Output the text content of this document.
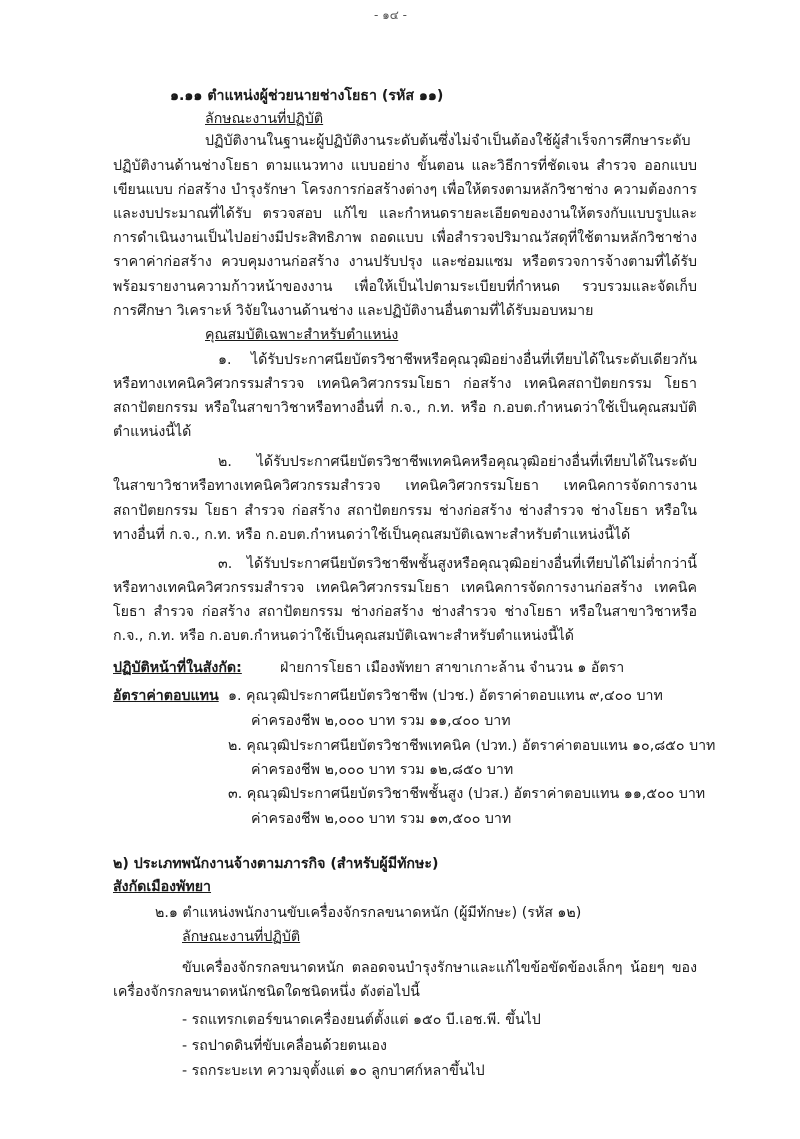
- ๑๔ -
๑.๑๑ ตำแหน่งผู้ช่วยนายช่างโยธา (รหัส ๑๑)
ลักษณะงานที่ปฏิบัติ
ปฏิบัติงานในฐานะผู้ปฏิบัติงานระดับต้นซึ่งไม่จำเป็นต้องใช้ผู้สำเร็จการศึกษาระดับ
ปฏิบัติงานด้านช่างโยธา ตามแนวทาง แบบอย่าง ขั้นตอน และวิธีการที่ชัดเจน สำรวจ ออกแบบ
เขียนแบบ ก่อสร้าง บำรุงรักษา โครงการก่อสร้างต่างๆ เพื่อให้ตรงตามหลักวิชาช่าง ความต้องการ
และงบประมาณที่ได้รับ ตรวจสอบ แก้ไข และกำหนดรายละเอียดของงานให้ตรงกับแบบรูปและ
การดำเนินงานเป็นไปอย่างมีประสิทธิภาพ ถอดแบบ เพื่อสำรวจปริมาณวัสดุที่ใช้ตามหลักวิชาช่าง
ราคาค่าก่อสร้าง ควบคุมงานก่อสร้าง งานปรับปรุง และซ่อมแซม หรือตรวจการจ้างตามที่ได้รับ
พร้อมรายงานความก้าวหน้าของงาน เพื่อให้เป็นไปตามระเบียบที่กำหนด รวบรวมและจัดเก็บ
การศึกษา วิเคราะห์ วิจัยในงานด้านช่าง และปฏิบัติงานอื่นตามที่ได้รับมอบหมาย
คุณสมบัติเฉพาะสำหรับตำแหน่ง
๑. ได้รับประกาศนียบัตรวิชาชีพหรือคุณวุฒิอย่างอื่นที่เทียบได้ในระดับเดียวกัน
หรือทางเทคนิควิศวกรรมสำรวจ เทคนิควิศวกรรมโยธา ก่อสร้าง เทคนิคสถาปัตยกรรม โยธา
สถาปัตยกรรม หรือในสาขาวิชาหรือทางอื่นที่ ก.จ., ก.ท. หรือ ก.อบต.กำหนดว่าใช้เป็นคุณสมบัติ
ตำแหน่งนี้ได้
๒. ได้รับประกาศนียบัตรวิชาชีพเทคนิคหรือคุณวุฒิอย่างอื่นที่เทียบได้ในระดับ
ในสาขาวิชาหรือทางเทคนิควิศวกรรมสำรวจ เทคนิควิศวกรรมโยธา เทคนิคการจัดการงาน
สถาปัตยกรรม โยธา สำรวจ ก่อสร้าง สถาปัตยกรรม ช่างก่อสร้าง ช่างสำรวจ ช่างโยธา หรือใน
ทางอื่นที่ ก.จ., ก.ท. หรือ ก.อบต.กำหนดว่าใช้เป็นคุณสมบัติเฉพาะสำหรับตำแหน่งนี้ได้
๓. ได้รับประกาศนียบัตรวิชาชีพชั้นสูงหรือคุณวุฒิอย่างอื่นที่เทียบได้ไม่ต่ำกว่านี้
หรือทางเทคนิควิศวกรรมสำรวจ เทคนิควิศวกรรมโยธา เทคนิคการจัดการงานก่อสร้าง เทคนิค
โยธา สำรวจ ก่อสร้าง สถาปัตยกรรม ช่างก่อสร้าง ช่างสำรวจ ช่างโยธา หรือในสาขาวิชาหรือ
ก.จ., ก.ท. หรือ ก.อบต.กำหนดว่าใช้เป็นคุณสมบัติเฉพาะสำหรับตำแหน่งนี้ได้
ปฏิบัติหน้าที่ในสังกัด:	ฝ่ายการโยธา เมืองพัทยา สาขาเกาะล้าน จำนวน ๑ อัตรา
อัตราค่าตอบแทน ๑. คุณวุฒิประกาศนียบัตรวิชาชีพ (ปวช.) อัตราค่าตอบแทน ๙,๔๐๐ บาท
ค่าครองชีพ ๒,๐๐๐ บาท รวม ๑๑,๔๐๐ บาท
๒. คุณวุฒิประกาศนียบัตรวิชาชีพเทคนิค (ปวท.) อัตราค่าตอบแทน ๑๐,๘๕๐ บาท
ค่าครองชีพ ๒,๐๐๐ บาท รวม ๑๒,๘๕๐ บาท
๓. คุณวุฒิประกาศนียบัตรวิชาชีพชั้นสูง (ปวส.) อัตราค่าตอบแทน ๑๑,๕๐๐ บาท
ค่าครองชีพ ๒,๐๐๐ บาท รวม ๑๓,๕๐๐ บาท
๒) ประเภทพนักงานจ้างตามภารกิจ (สำหรับผู้มีทักษะ)
สังกัดเมืองพัทยา
๒.๑ ตำแหน่งพนักงานขับเครื่องจักรกลขนาดหนัก (ผู้มีทักษะ) (รหัส ๑๒)
ลักษณะงานที่ปฏิบัติ
ขับเครื่องจักรกลขนาดหนัก ตลอดจนบำรุงรักษาและแก้ไขข้อขัดข้องเล็กๆ น้อยๆ ของ
เครื่องจักรกลขนาดหนักชนิดใดชนิดหนึ่ง ดังต่อไปนี้
- รถแทรกเตอร์ขนาดเครื่องยนต์ตั้งแต่ ๑๕๐ บี.เอช.พี. ขึ้นไป
- รถปาดดินที่ขับเคลื่อนด้วยตนเอง
- รถกระบะเท ความจุตั้งแต่ ๑๐ ลูกบาศก์หลาขึ้นไป
